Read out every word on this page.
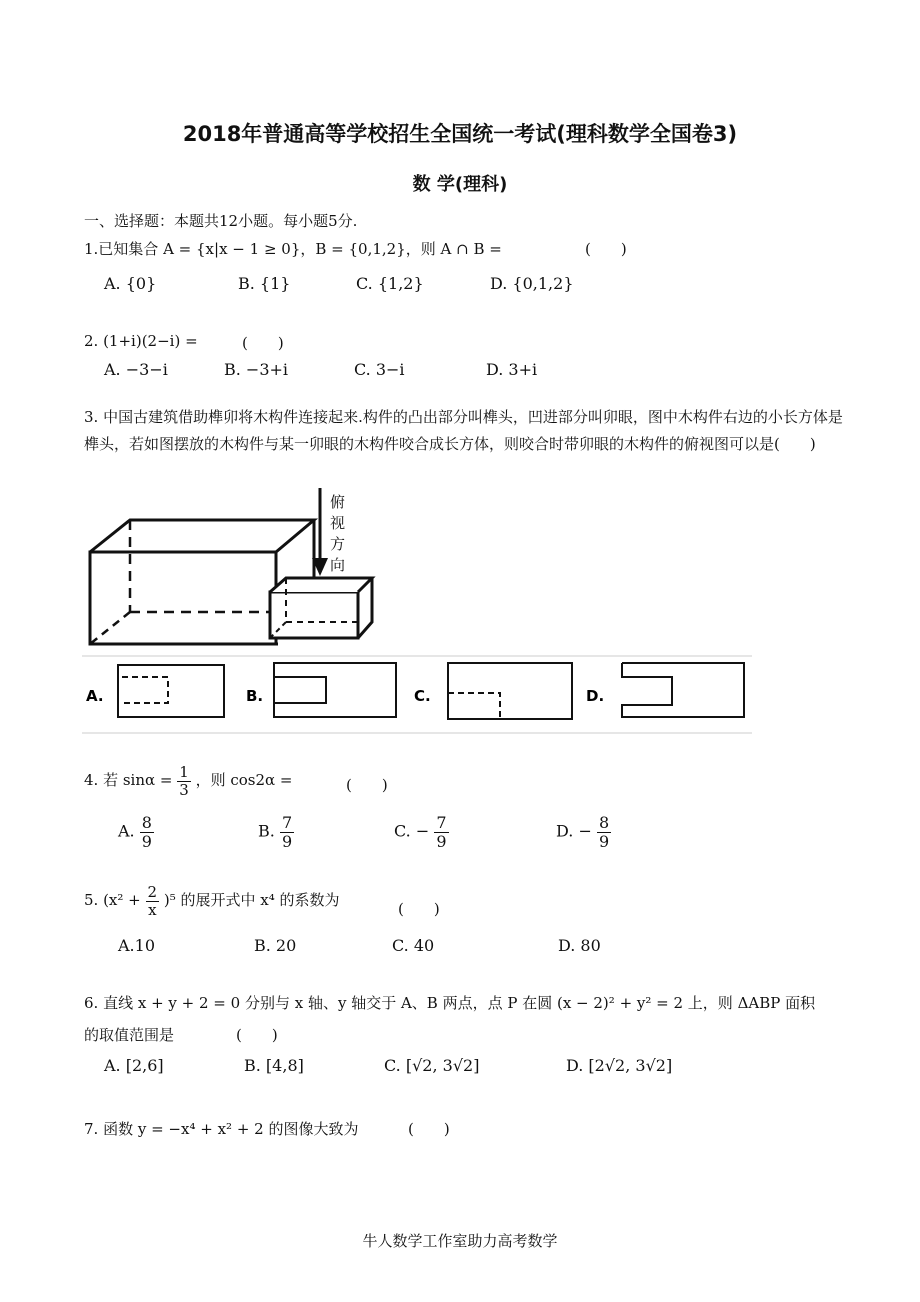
2018年普通高等学校招生全国统一考试(理科数学全国卷3)
数 学(理科)
一、选择题：本题共12小题。每小题5分.
1.已知集合 A = {x|x − 1 ≥ 0}，B = {0,1,2}，则 A ∩ B =	(　　)
A. {0}	B. {1}	C. {1,2}	D. {0,1,2}
2. (1+i)(2−i) =	(　　)
A. −3−i	B. −3+i	C. 3−i	D. 3+i
3. 中国古建筑借助榫卯将木构件连接起来.构件的凸出部分叫榫头，凹进部分叫卯眼，图中木构件右边的小长方体是榫头，若如图摆放的木构件与某一卯眼的木构件咬合成长方体，则咬合时带卯眼的木构件的俯视图可以是(　　)
俯
视
方
向
A.	B.	C.	D.
4. 若 $\sin\alpha = \frac{1}{3}$ ，则 cos2α =	(　　)
A. $\frac{8}{9}$	B. $\frac{7}{9}$	C. − $\frac{7}{9}$	D. − $\frac{8}{9}$
5. $(x^2 + \frac{2}{x} )^5$ 的展开式中 x⁴ 的系数为	(　　)
A.10	B. 20	C. 40	D. 80
6. 直线 x + y + 2 = 0 分别与 x 轴、y 轴交于 A、B 两点，点 P 在圆 (x − 2)² + y² = 2 上，则 ΔABP 面积
的取值范围是	(　　)
A. [2,6]	B. [4,8]	C. [√2, 3√2]	D. [2√2, 3√2]
7. 函数 y = −x⁴ + x² + 2 的图像大致为	(　　)
牛人数学工作室助力高考数学
